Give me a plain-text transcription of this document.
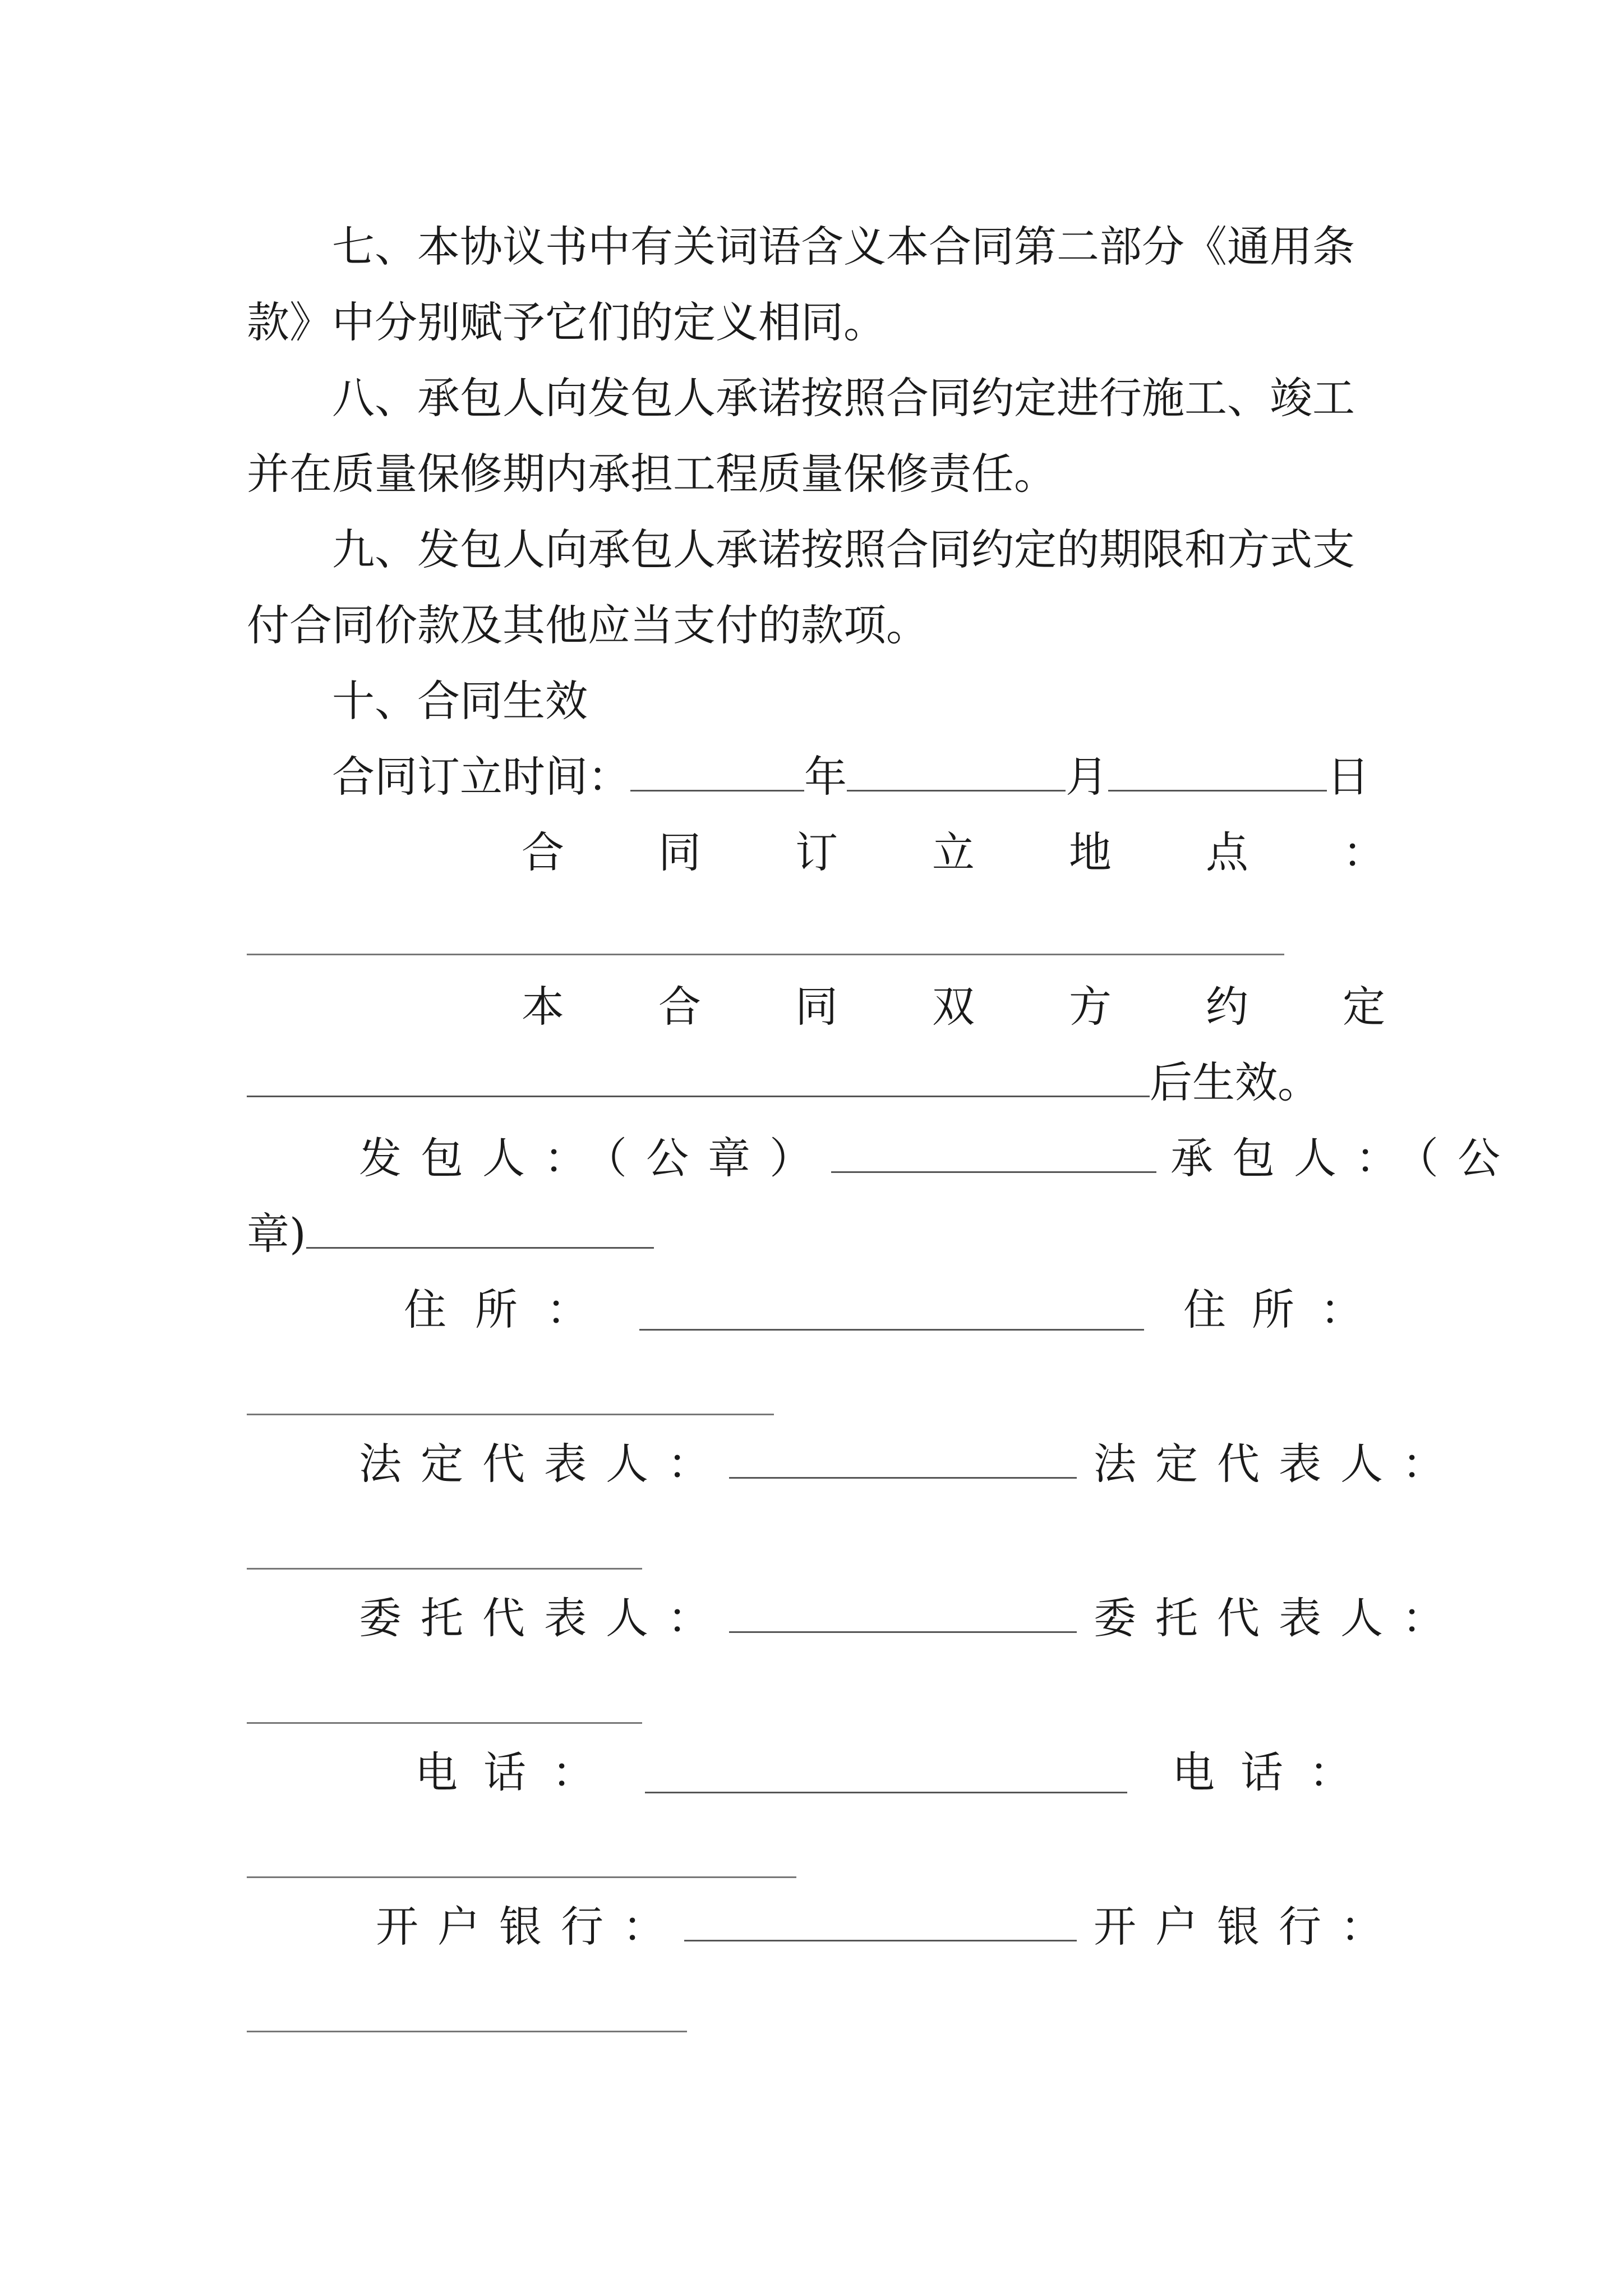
七、本协议书中有关词语含义本合同第二部分《通用条
款》中分别赋予它们的定义相同。
八、承包人向发包人承诺按照合同约定进行施工、竣工
并在质量保修期内承担工程质量保修责任。
九、发包人向承包人承诺按照合同约定的期限和方式支
付合同价款及其他应当支付的款项。
十、合同生效
合同订立时间：	年	月	日
合 同 订 立 地 点 ：
本 合 同 双 方 约 定
后生效。
发包人：（公章）	承包人：（公
章)
住 所 ：	住 所 ：
法定代表人：	法定代表人：
委托代表人：	委托代表人：
电 话 ：	电 话 ：
开户银行：	开户银行：
